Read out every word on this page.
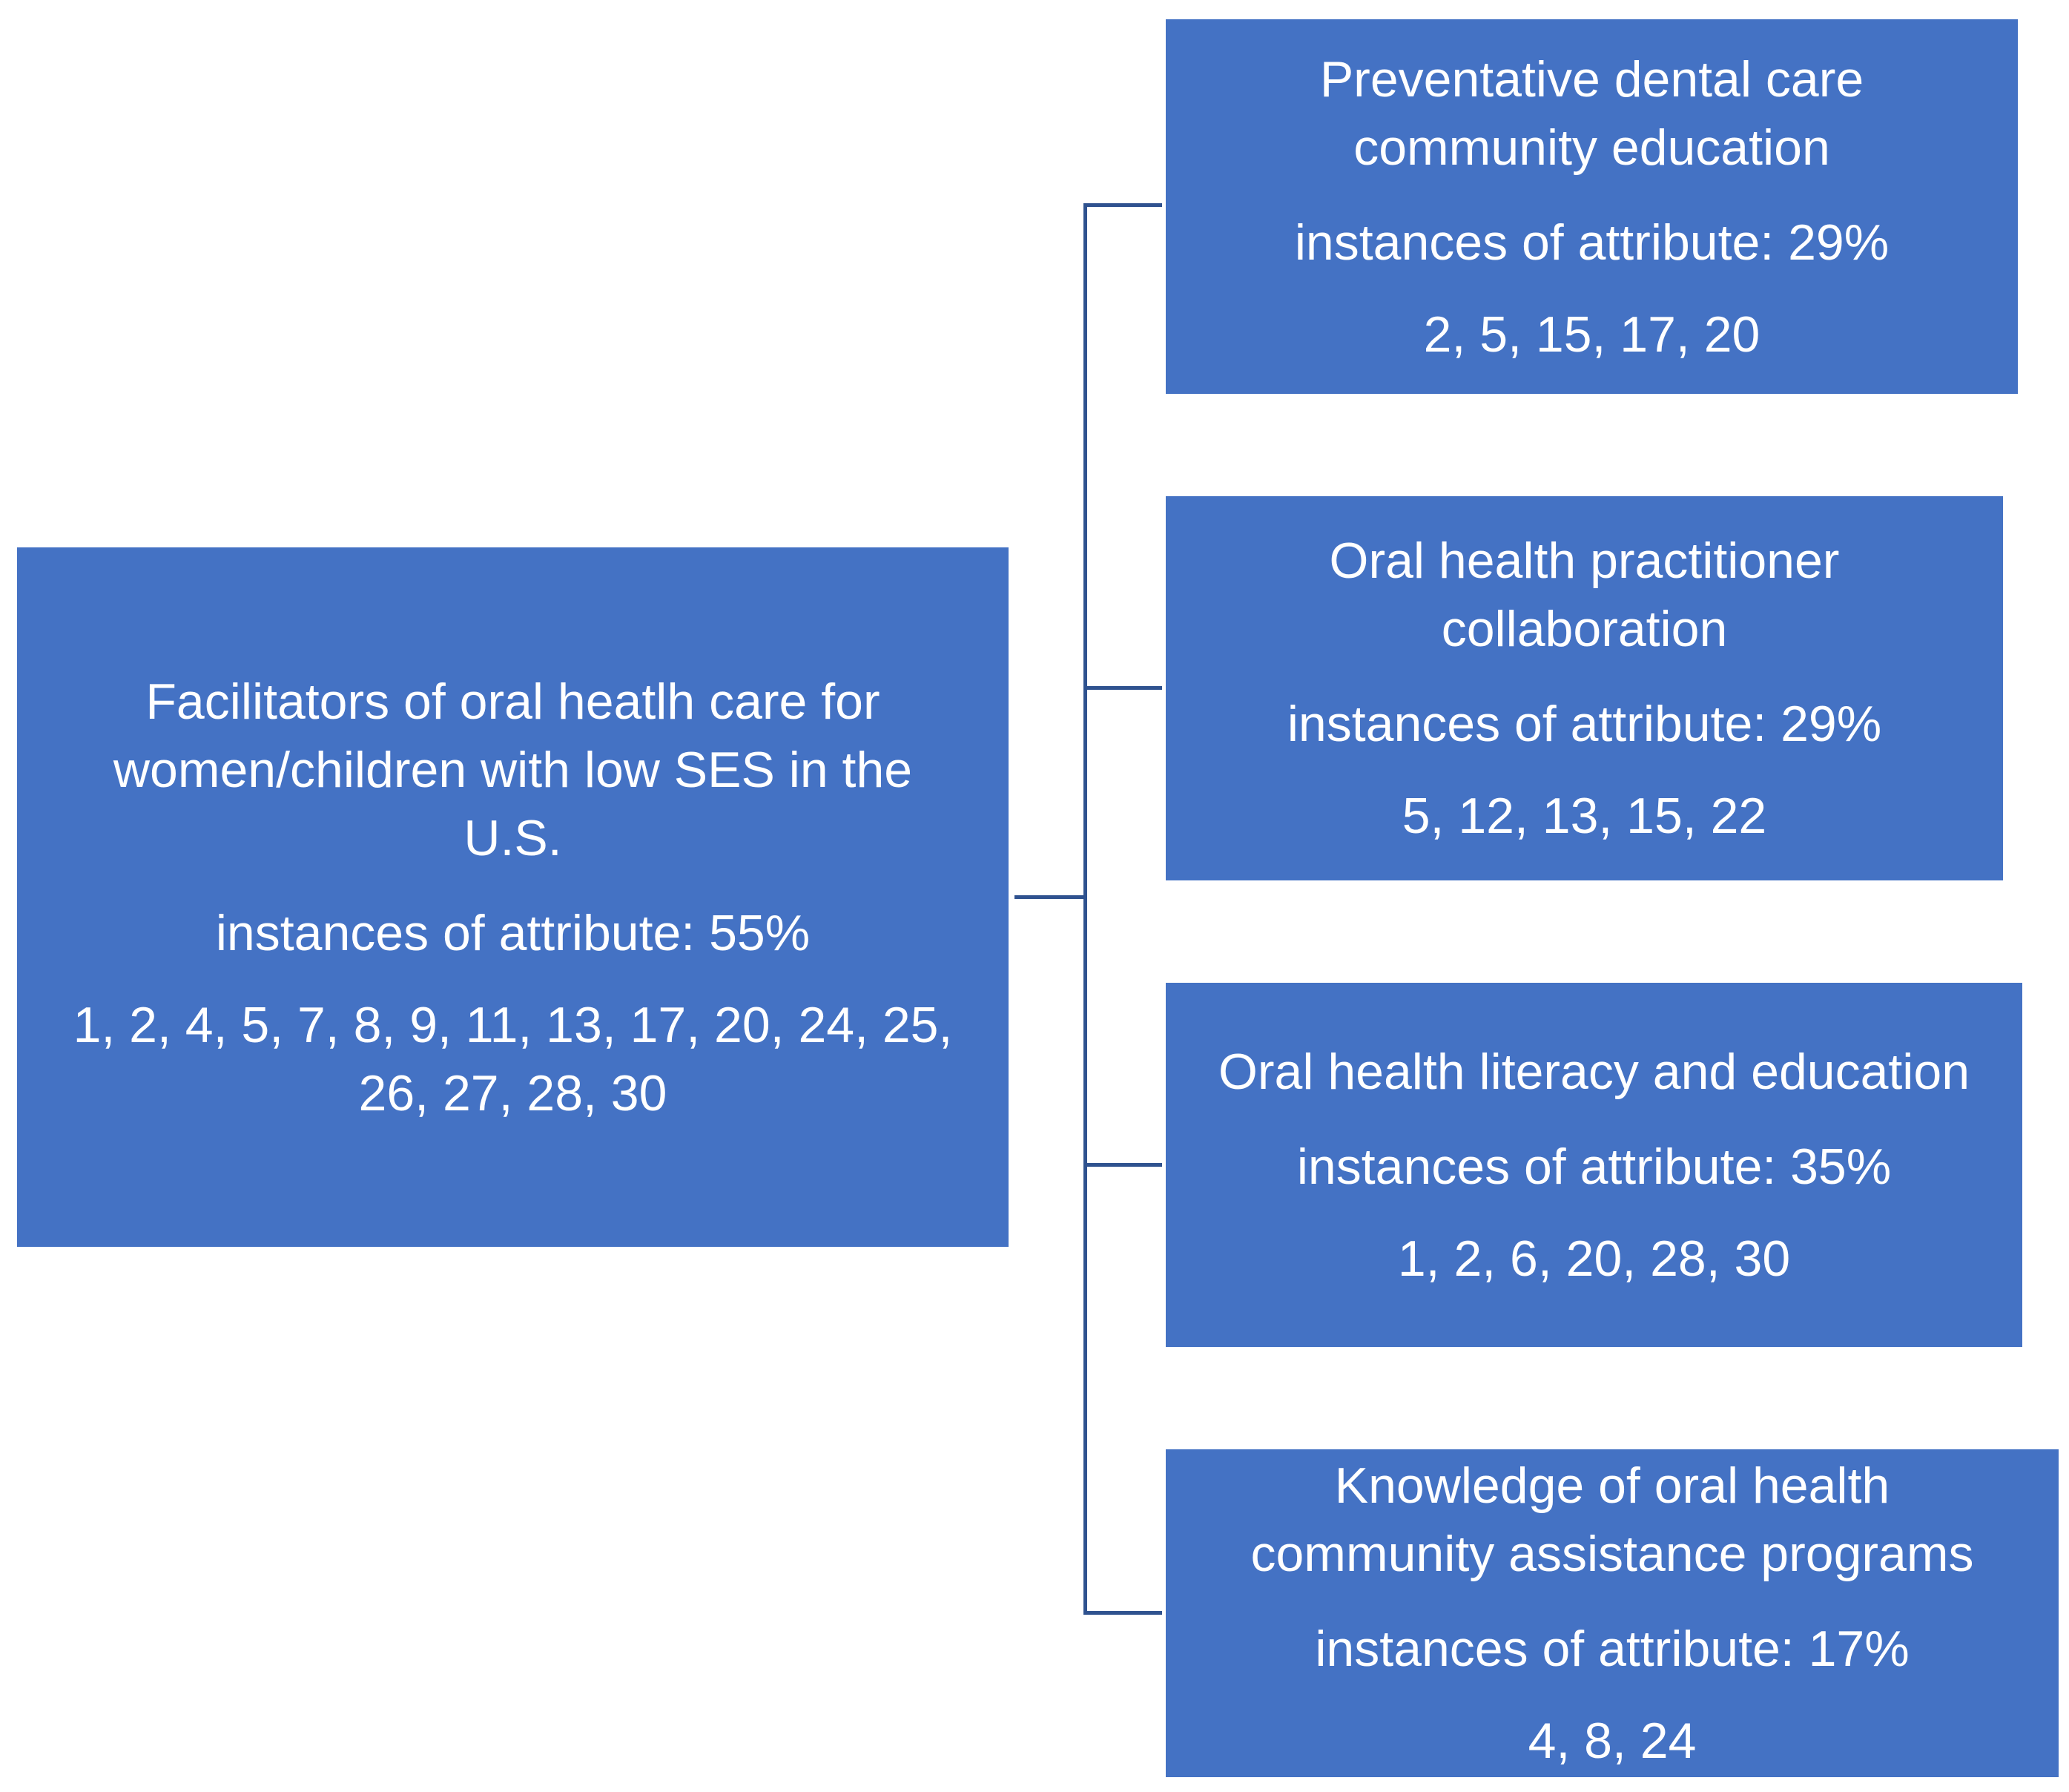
Facilitators of oral heatlh care for
women/children with low SES in the
U.S.
instances of attribute: 55%
1, 2, 4, 5, 7, 8, 9, 11, 13, 17, 20, 24, 25,
26, 27, 28, 30
Preventative dental care
community education
instances of attribute: 29%
2, 5, 15, 17, 20
Oral health practitioner
collaboration
instances of attribute: 29%
5, 12, 13, 15, 22
Oral health literacy and education
instances of attribute: 35%
1, 2, 6, 20, 28, 30
Knowledge of oral health
community assistance programs
instances of attribute: 17%
4, 8, 24
